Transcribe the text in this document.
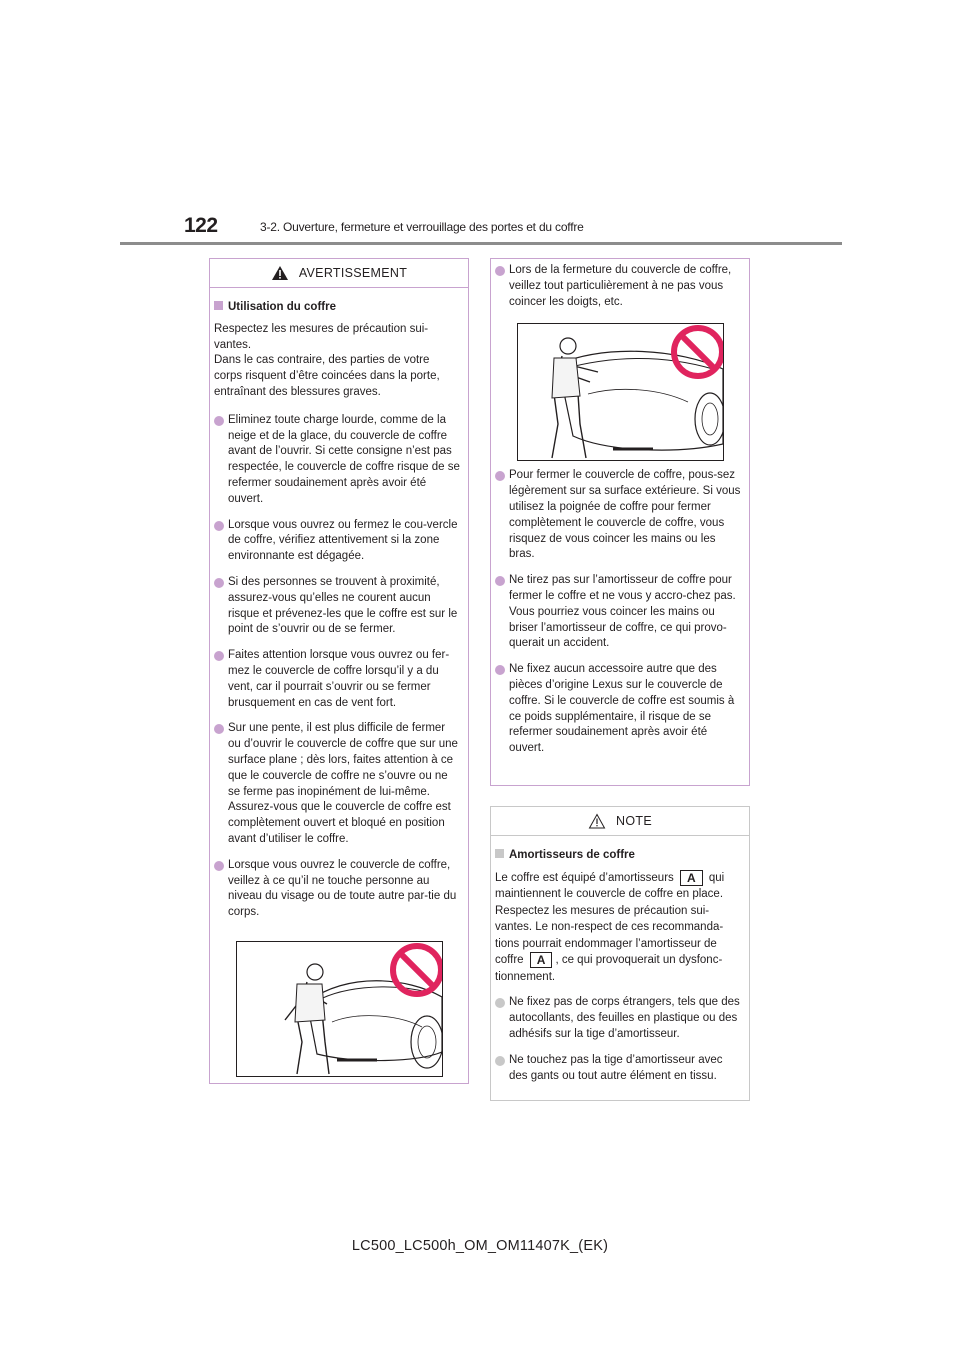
122	3-2. Ouverture, fermeture et verrouillage des portes et du coffre
AVERTISSEMENT
Utilisation du coffre
Respectez les mesures de précaution sui-vantes.
Dans le cas contraire, des parties de votre corps risquent d’être coincées dans la porte, entraînant des blessures graves.
Eliminez toute charge lourde, comme de la neige et de la glace, du couvercle de coffre avant de l’ouvrir. Si cette consigne n’est pas respectée, le couvercle de coffre risque de se refermer soudainement après avoir été ouvert.
Lorsque vous ouvrez ou fermez le cou-vercle de coffre, vérifiez attentivement si la zone environnante est dégagée.
Si des personnes se trouvent à proximité, assurez-vous qu’elles ne courent aucun risque et prévenez-les que le coffre est sur le point de s’ouvrir ou de se fermer.
Faites attention lorsque vous ouvrez ou fer-mez le couvercle de coffre lorsqu’il y a du vent, car il pourrait s’ouvrir ou se fermer brusquement en cas de vent fort.
Sur une pente, il est plus difficile de fermer ou d’ouvrir le couvercle de coffre que sur une surface plane ; dès lors, faites attention à ce que le couvercle de coffre ne s’ouvre ou ne se ferme pas inopinément de lui-même. Assurez-vous que le couvercle de coffre est complètement ouvert et bloqué en position avant d’utiliser le coffre.
Lorsque vous ouvrez le couvercle de coffre, veillez à ce qu’il ne touche personne au niveau du visage ou de toute autre par-tie du corps.
Lors de la fermeture du couvercle de coffre, veillez tout particulièrement à ne pas vous coincer les doigts, etc.
Pour fermer le couvercle de coffre, pous-sez légèrement sur sa surface extérieure. Si vous utilisez la poignée de coffre pour fermer complètement le couvercle de coffre, vous risquez de vous coincer les mains ou les bras.
Ne tirez pas sur l’amortisseur de coffre pour fermer le coffre et ne vous y accro-chez pas.
Vous pourriez vous coincer les mains ou briser l’amortisseur de coffre, ce qui provo-querait un accident.
Ne fixez aucun accessoire autre que des pièces d’origine Lexus sur le couvercle de coffre. Si le couvercle de coffre est soumis à ce poids supplémentaire, il risque de se refermer soudainement après avoir été ouvert.
NOTE
Amortisseurs de coffre
Le coffre est équipé d’amortisseurs A qui maintiennent le couvercle de coffre en place. Respectez les mesures de précaution sui-vantes. Le non-respect de ces recommanda-tions pourrait endommager l’amortisseur de coffre A , ce qui provoquerait un dysfonc-tionnement.
Ne fixez pas de corps étrangers, tels que des autocollants, des feuilles en plastique ou des adhésifs sur la tige d’amortisseur.
Ne touchez pas la tige d’amortisseur avec des gants ou tout autre élément en tissu.
LC500_LC500h_OM_OM11407K_(EK)
